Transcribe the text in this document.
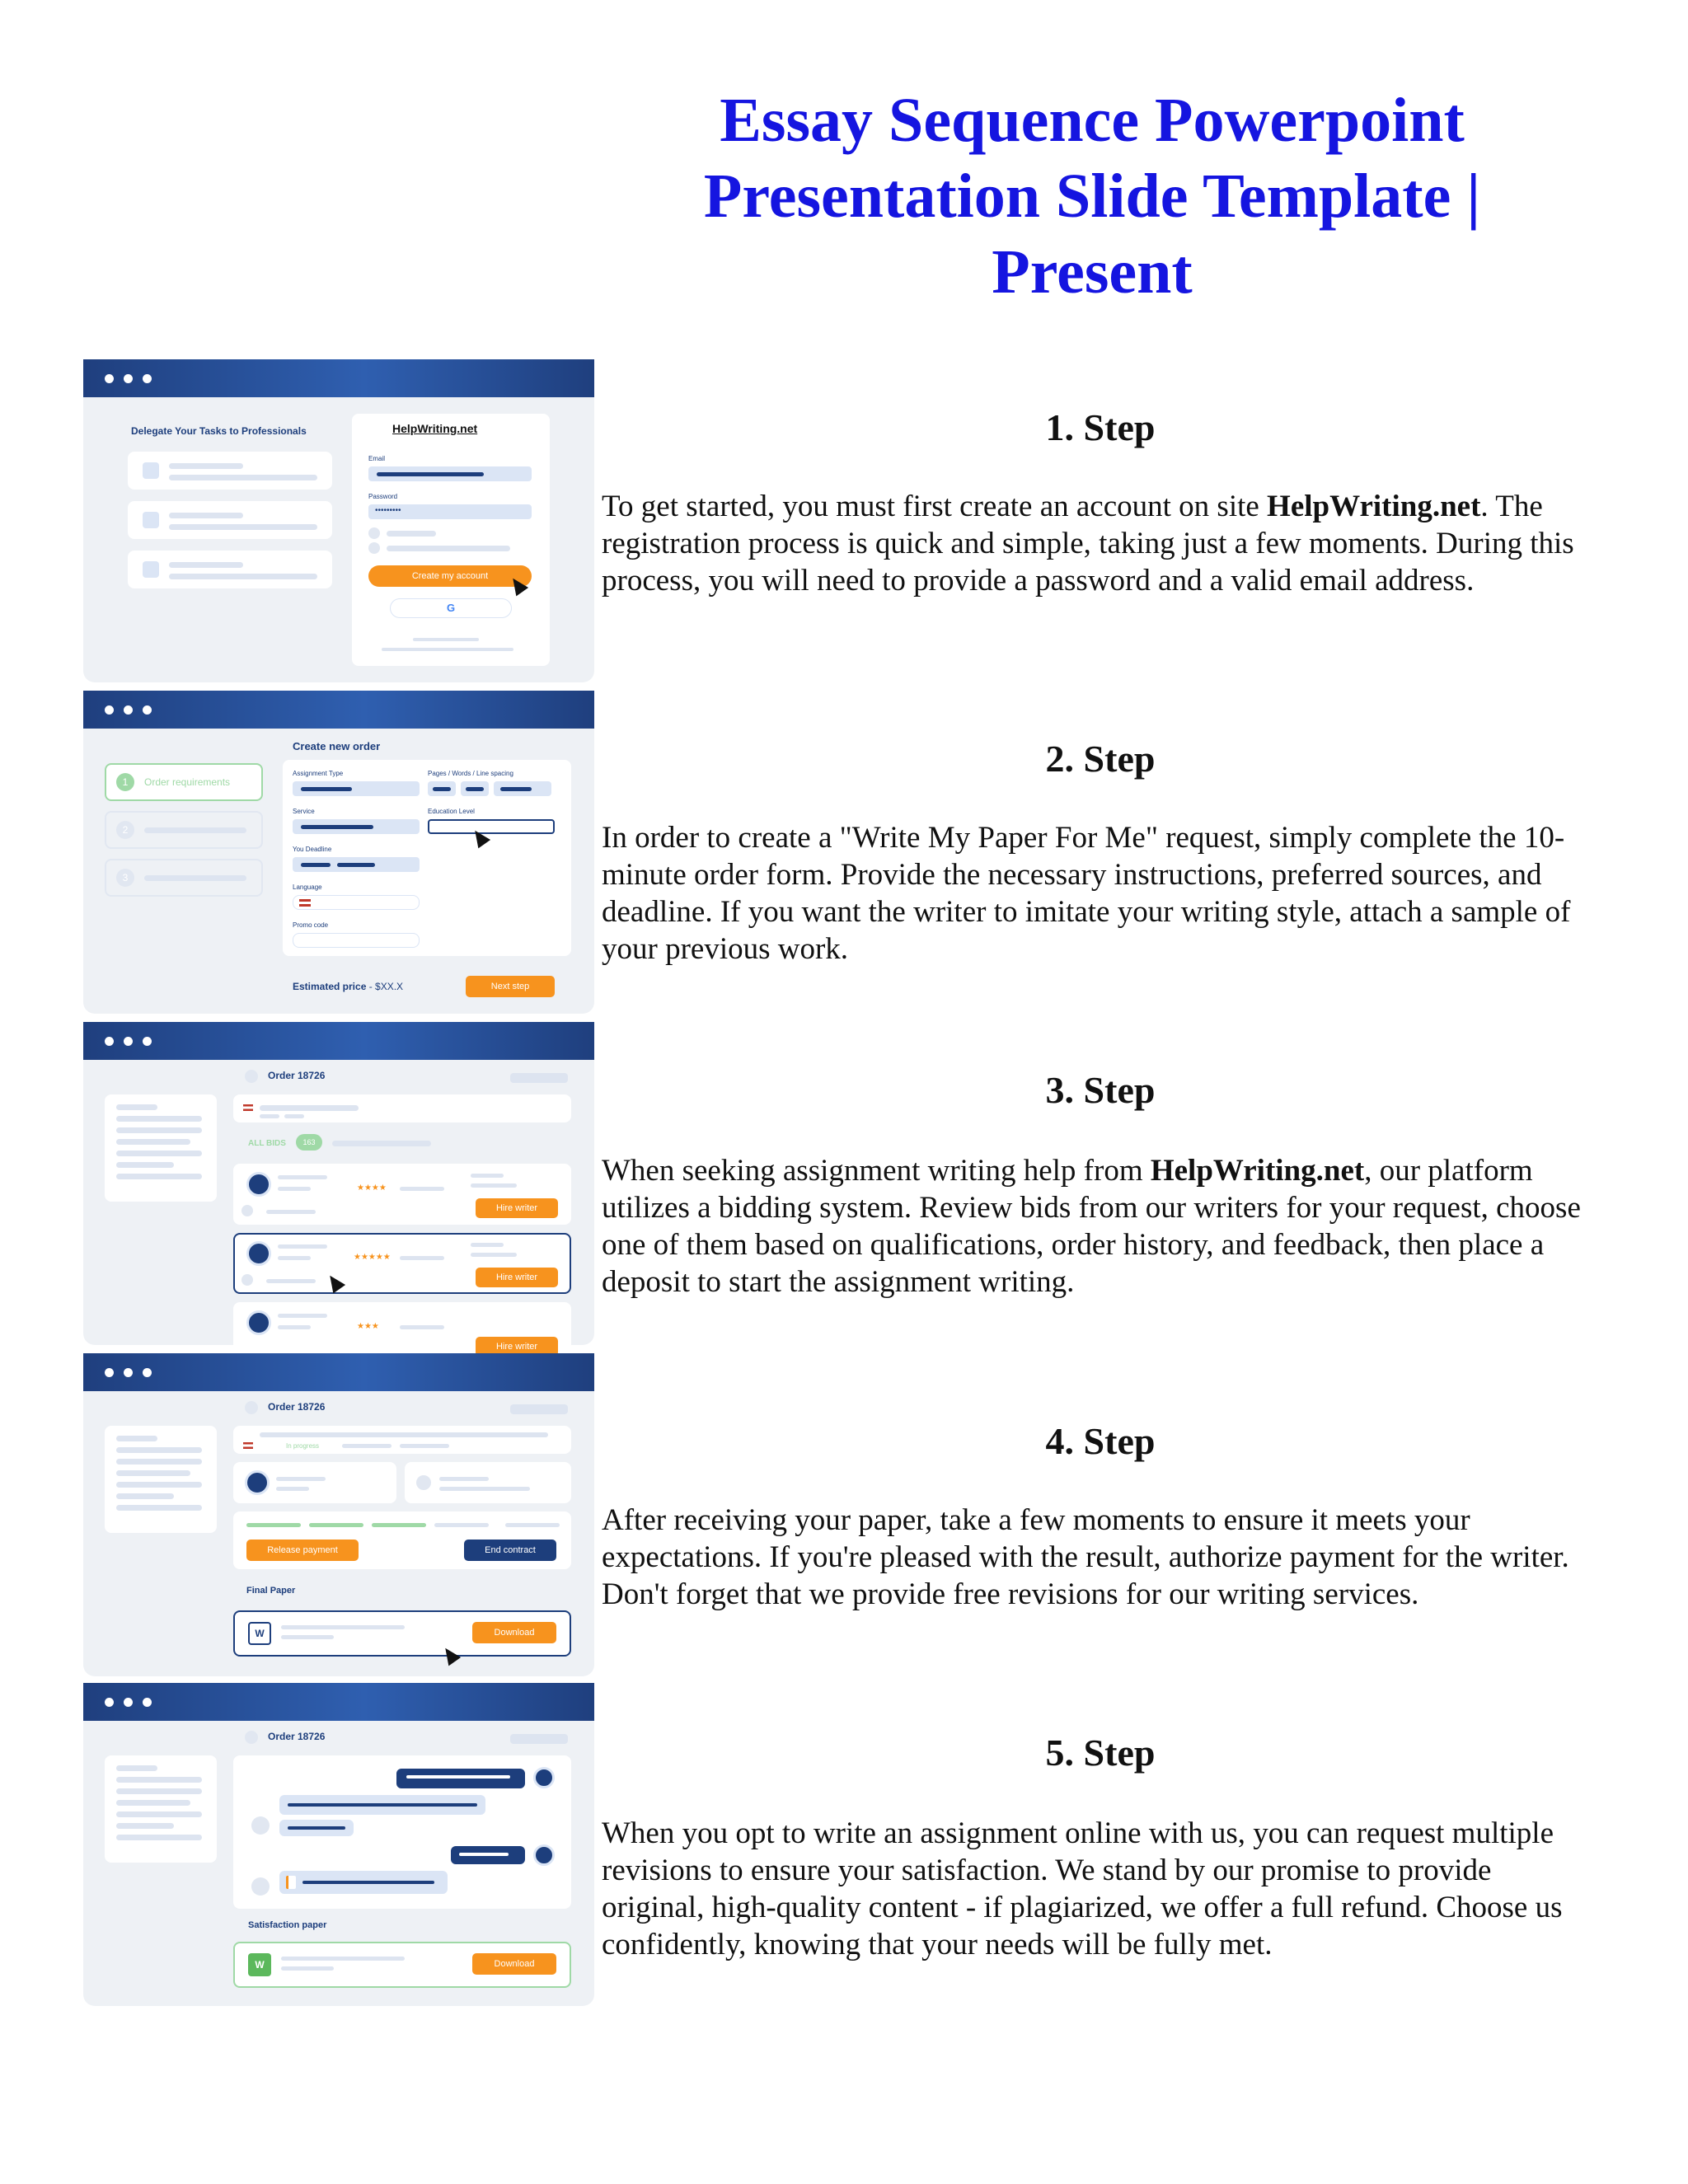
Essay Sequence Powerpoint Presentation Slide Template | Present
Delegate Your Tasks to Professionals	HelpWriting.net
Email
Password
•••••••••
Create my account
G
1	Order requirements
2
3
Create new order
Assignment Type	Pages / Words / Line spacing
Service	Education Level
You Deadline
Language
Promo code
Estimated price - $XX.X	Next step
Order 18726
ALL BIDS	163
★★★★
Hire writer
★★★★★
Hire writer
★★★
Hire writer
Order 18726
In progress
Release payment	End contract
Final Paper
W	Download
Order 18726
Satisfaction paper
W	Download
1. Step

To get started, you must first create an account on site HelpWriting.net. The registration process is quick and simple, taking just a few moments. During this process, you will need to provide a password and a valid email address.

2. Step

In order to create a "Write My Paper For Me" request, simply complete the 10-minute order form. Provide the necessary instructions, preferred sources, and deadline. If you want the writer to imitate your writing style, attach a sample of your previous work.

3. Step

When seeking assignment writing help from HelpWriting.net, our platform utilizes a bidding system. Review bids from our writers for your request, choose one of them based on qualifications, order history, and feedback, then place a deposit to start the assignment writing.

4. Step

After receiving your paper, take a few moments to ensure it meets your expectations. If you're pleased with the result, authorize payment for the writer. Don't forget that we provide free revisions for our writing services.

5. Step

When you opt to write an assignment online with us, you can request multiple revisions to ensure your satisfaction. We stand by our promise to provide original, high-quality content - if plagiarized, we offer a full refund. Choose us confidently, knowing that your needs will be fully met.
